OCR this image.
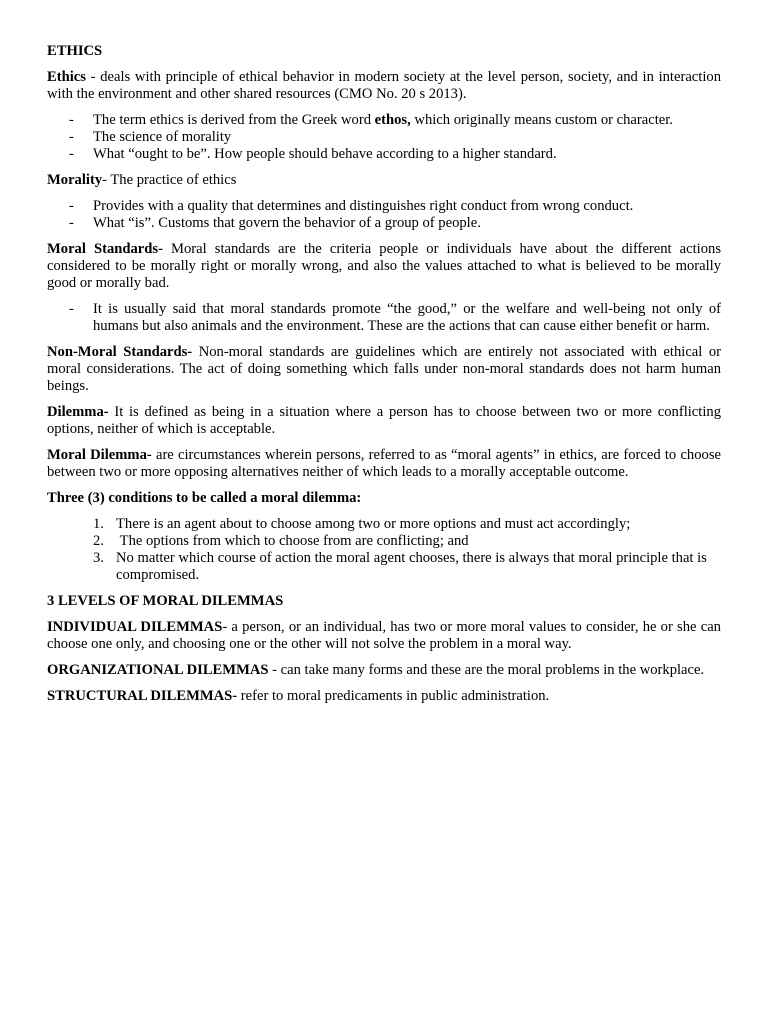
ETHICS

Ethics - deals with principle of ethical behavior in modern society at the level person, society, and in interaction with the environment and other shared resources (CMO No. 20 s 2013).

- The term ethics is derived from the Greek word ethos, which originally means custom or character.
- The science of morality
- What “ought to be”. How people should behave according to a higher standard.

Morality- The practice of ethics

- Provides with a quality that determines and distinguishes right conduct from wrong conduct.
- What “is”. Customs that govern the behavior of a group of people.

Moral Standards- Moral standards are the criteria people or individuals have about the different actions considered to be morally right or morally wrong, and also the values attached to what is believed to be morally good or morally bad.

- It is usually said that moral standards promote “the good,” or the welfare and well-being not only of humans but also animals and the environment. These are the actions that can cause either benefit or harm.

Non-Moral Standards- Non-moral standards are guidelines which are entirely not associated with ethical or moral considerations. The act of doing something which falls under non-moral standards does not harm human beings.

Dilemma- It is defined as being in a situation where a person has to choose between two or more conflicting options, neither of which is acceptable.

Moral Dilemma- are circumstances wherein persons, referred to as “moral agents” in ethics, are forced to choose between two or more opposing alternatives neither of which leads to a morally acceptable outcome.

Three (3) conditions to be called a moral dilemma:
1. There is an agent about to choose among two or more options and must act accordingly;
2. The options from which to choose from are conflicting; and
3. No matter which course of action the moral agent chooses, there is always that moral principle that is compromised.
3 LEVELS OF MORAL DILEMMAS

INDIVIDUAL DILEMMAS- a person, or an individual, has two or more moral values to consider, he or she can choose one only, and choosing one or the other will not solve the problem in a moral way.

ORGANIZATIONAL DILEMMAS - can take many forms and these are the moral problems in the workplace.

STRUCTURAL DILEMMAS- refer to moral predicaments in public administration.
